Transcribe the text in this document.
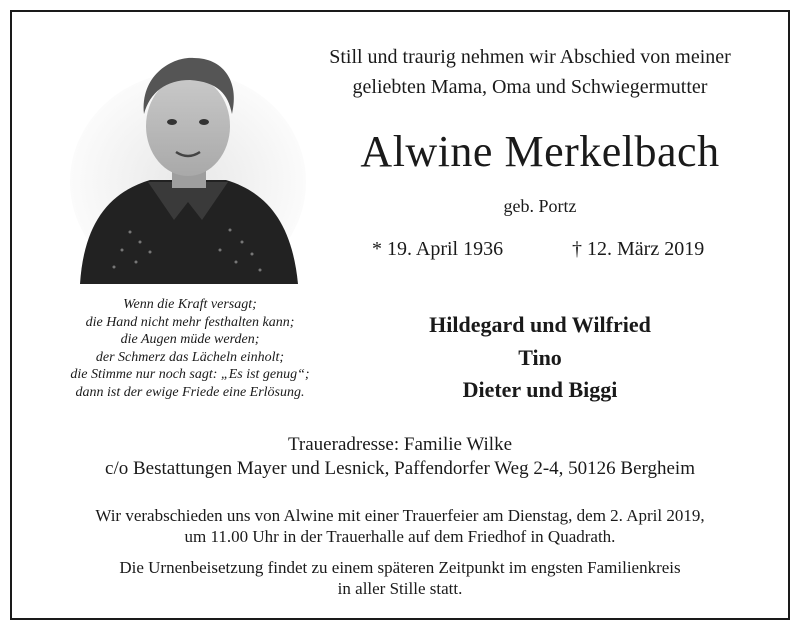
Still und traurig nehmen wir Abschied von meiner
geliebten Mama, Oma und Schwiegermutter
Alwine Merkelbach
geb. Portz
* 19. April 1936	† 12. März 2019
Wenn die Kraft versagt;
die Hand nicht mehr festhalten kann;
die Augen müde werden;
der Schmerz das Lächeln einholt;
die Stimme nur noch sagt: „Es ist genug“;
dann ist der ewige Friede eine Erlösung.
Hildegard und Wilfried
Tino
Dieter und Biggi
Traueradresse: Familie Wilke
c/o Bestattungen Mayer und Lesnick, Paffendorfer Weg 2-4, 50126 Bergheim
Wir verabschieden uns von Alwine mit einer Trauerfeier am Dienstag, dem 2. April 2019,
um 11.00 Uhr in der Trauerhalle auf dem Friedhof in Quadrath.
Die Urnenbeisetzung findet zu einem späteren Zeitpunkt im engsten Familienkreis
in aller Stille statt.
